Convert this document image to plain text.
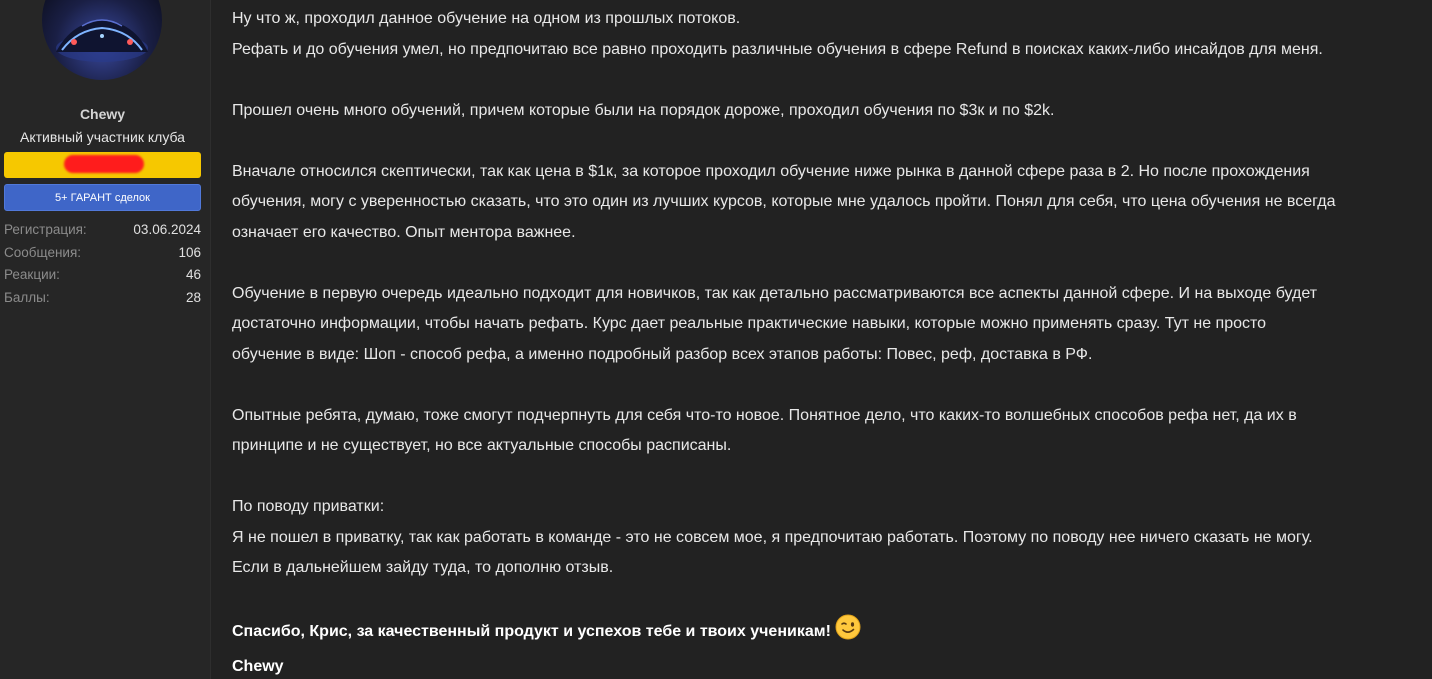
Chewy
Активный участник клуба
5+ ГАРАНТ сделок
Регистрация:	03.06.2024
Сообщения:	106
Реакции:	46
Баллы:	28

Ну что ж, проходил данное обучение на одном из прошлых потоков.

Рефать и до обучения умел, но предпочитаю все равно проходить различные обучения в сфере Refund в поисках каких-либо инсайдов для меня.

Прошел очень много обучений, причем которые были на порядок дороже, проходил обучения по $3к и по $2k.

Вначале относился скептически, так как цена в $1к, за которое проходил обучение ниже рынка в данной сфере раза в 2. Но после прохождения

обучения, могу с уверенностью сказать, что это один из лучших курсов, которые мне удалось пройти. Понял для себя, что цена обучения не всегда

означает его качество. Опыт ментора важнее.

Обучение в первую очередь идеально подходит для новичков, так как детально рассматриваются все аспекты данной сфере. И на выходе будет

достаточно информации, чтобы начать рефать. Курс дает реальные практические навыки, которые можно применять сразу. Тут не просто

обучение в виде: Шоп - способ рефа, а именно подробный разбор всех этапов работы: Повес, реф, доставка в РФ.

Опытные ребята, думаю, тоже смогут подчерпнуть для себя что-то новое. Понятное дело, что каких-то волшебных способов рефа нет, да их в

принципе и не существует, но все актуальные способы расписаны.

По поводу приватки:

Я не пошел в приватку, так как работать в команде - это не совсем мое, я предпочитаю работать. Поэтому по поводу нее ничего сказать не могу.

Если в дальнейшем зайду туда, то дополню отзыв.

Спасибо, Крис, за качественный продукт и успехов тебе и твоих ученикам!

Chewy
